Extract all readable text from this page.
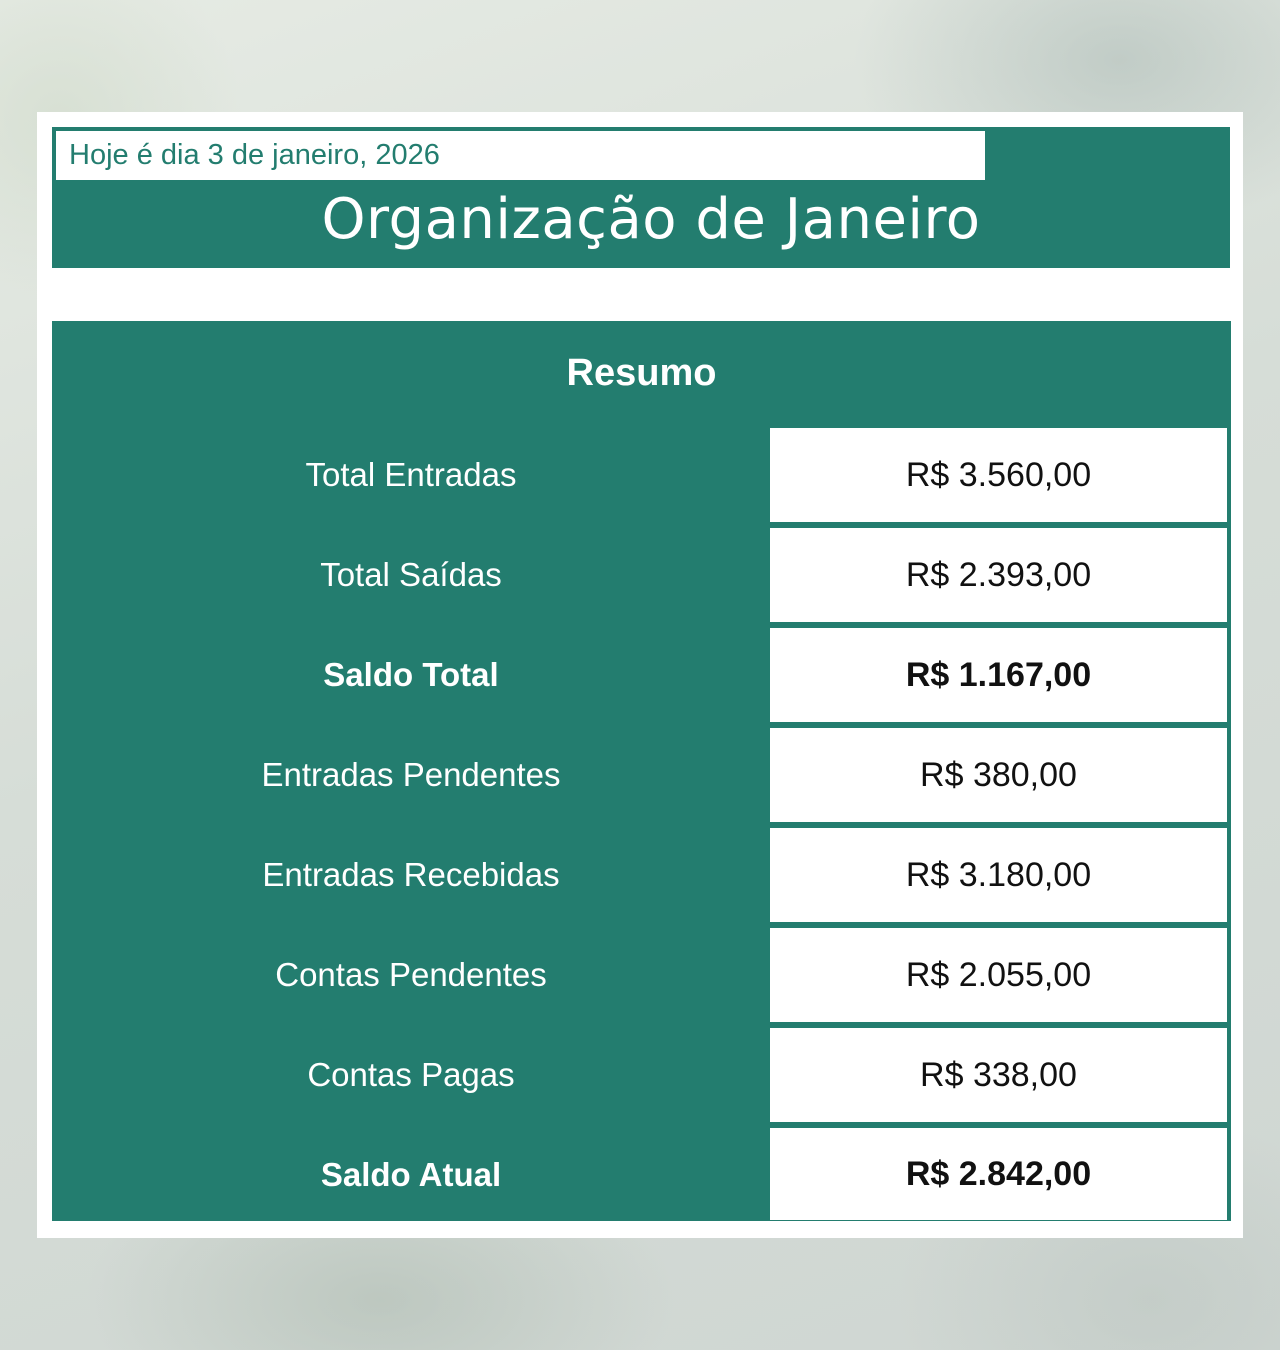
Hoje é dia 3 de janeiro, 2026
Organização de Janeiro
Resumo
Total Entradas	R$ 3.560,00
Total Saídas	R$ 2.393,00
Saldo Total	R$ 1.167,00
Entradas Pendentes	R$ 380,00
Entradas Recebidas	R$ 3.180,00
Contas Pendentes	R$ 2.055,00
Contas Pagas	R$ 338,00
Saldo Atual	R$ 2.842,00
